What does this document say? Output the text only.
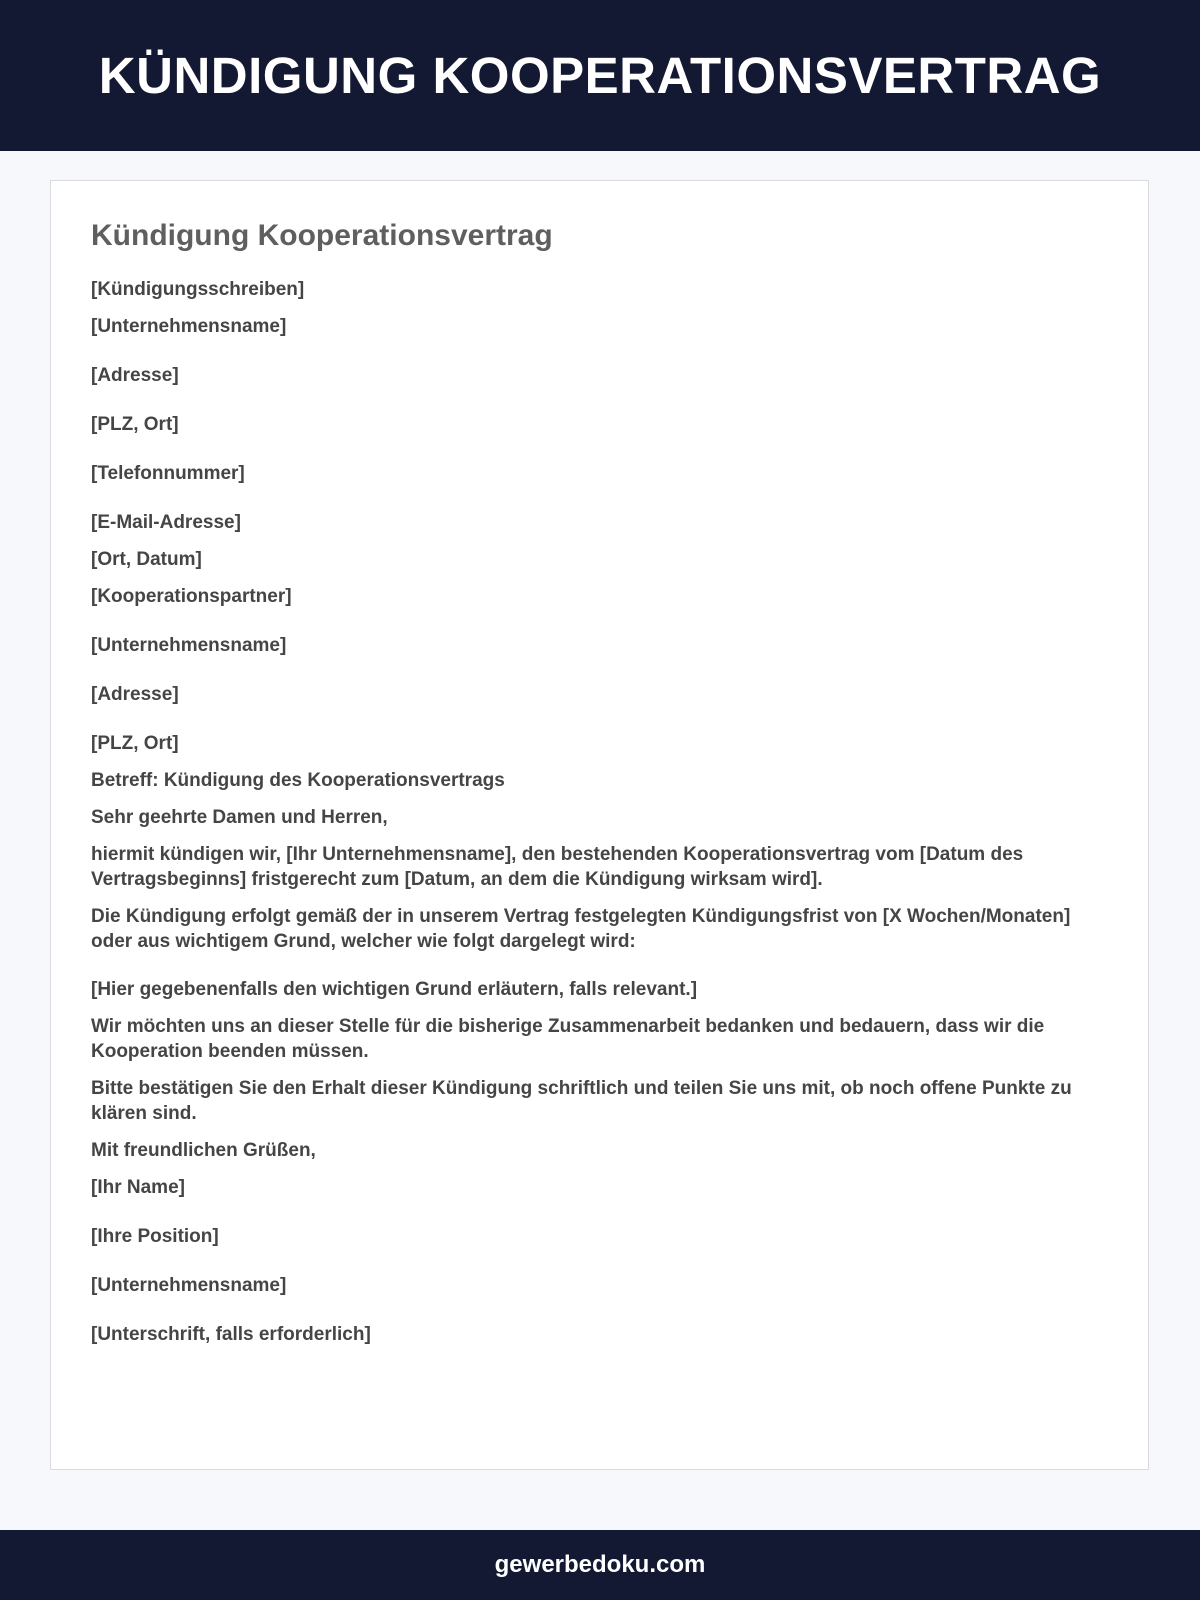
KÜNDIGUNG KOOPERATIONSVERTRAG
Kündigung Kooperationsvertrag

[Kündigungsschreiben]

[Unternehmensname]

[Adresse]

[PLZ, Ort]

[Telefonnummer]

[E-Mail-Adresse]

[Ort, Datum]

[Kooperationspartner]

[Unternehmensname]

[Adresse]

[PLZ, Ort]

Betreff: Kündigung des Kooperationsvertrags

Sehr geehrte Damen und Herren,

hiermit kündigen wir, [Ihr Unternehmensname], den bestehenden Kooperationsvertrag vom [Datum des Vertragsbeginns] fristgerecht zum [Datum, an dem die Kündigung wirksam wird].

Die Kündigung erfolgt gemäß der in unserem Vertrag festgelegten Kündigungsfrist von [X Wochen/Monaten] oder aus wichtigem Grund, welcher wie folgt dargelegt wird:

[Hier gegebenenfalls den wichtigen Grund erläutern, falls relevant.]

Wir möchten uns an dieser Stelle für die bisherige Zusammenarbeit bedanken und bedauern, dass wir die Kooperation beenden müssen.

Bitte bestätigen Sie den Erhalt dieser Kündigung schriftlich und teilen Sie uns mit, ob noch offene Punkte zu klären sind.

Mit freundlichen Grüßen,

[Ihr Name]

[Ihre Position]

[Unternehmensname]

[Unterschrift, falls erforderlich]

gewerbedoku.com
